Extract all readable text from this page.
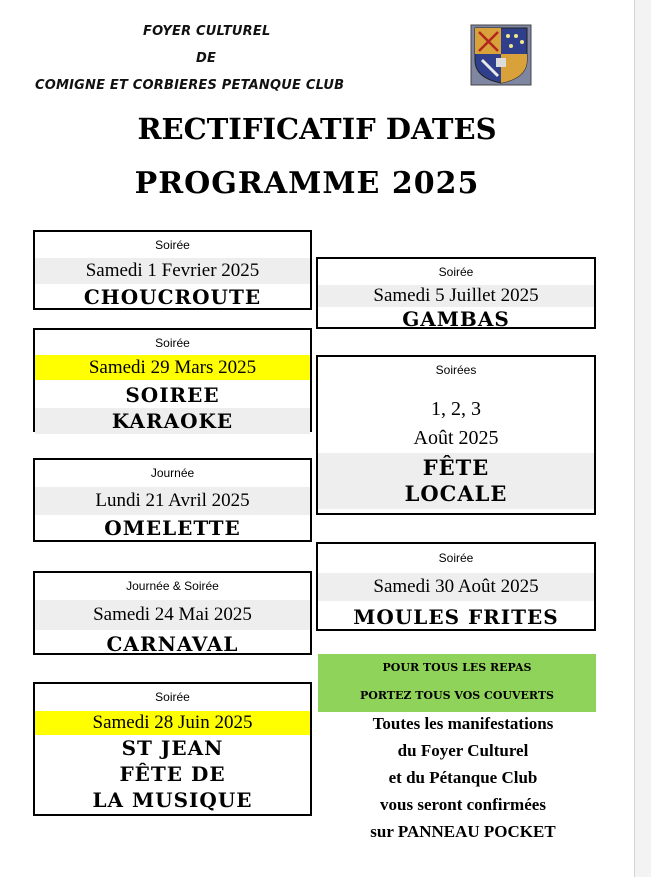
FOYER CULTUREL
DE
COMIGNE ET CORBIERES PETANQUE CLUB
RECTIFICATIF DATES
PROGRAMME 2025
Soirée
Samedi 1 Fevrier 2025
CHOUCROUTE
Soirée
Samedi 29 Mars 2025
SOIREE
KARAOKE
Journée
Lundi 21 Avril 2025
OMELETTE
Journée & Soirée
Samedi 24 Mai 2025
CARNAVAL
Soirée
Samedi 28 Juin 2025
ST JEAN
FÊTE DE
LA MUSIQUE
Soirée
Samedi 5 Juillet 2025
GAMBAS
Soirées
1, 2, 3
Août 2025
FÊTE
LOCALE
Soirée
Samedi 30 Août 2025
MOULES FRITES
POUR TOUS LES REPAS
PORTEZ TOUS VOS COUVERTS
Toutes les manifestations
du Foyer Culturel
et du Pétanque Club
vous seront confirmées
sur PANNEAU POCKET
